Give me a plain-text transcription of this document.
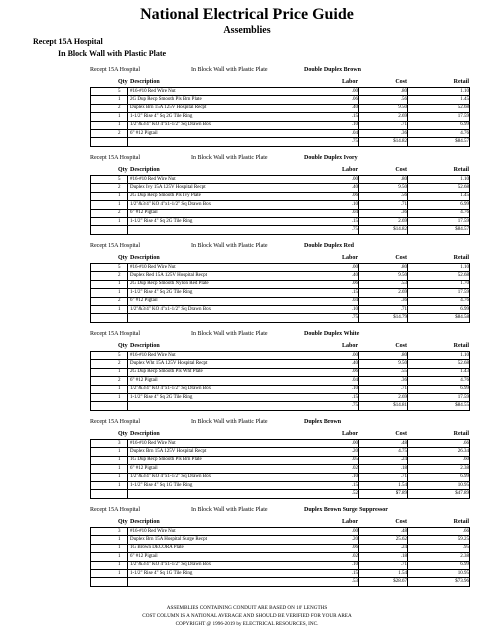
National Electrical Price Guide
Assemblies
Recept 15A Hospital
In Block Wall with Plastic Plate
Recept 15A Hospital	In Block Wall with Plastic Plate	Double Duplex Brown
Qty Description	Labor	Cost	Retail
5 #16-#10 Red Wire Nut	.00	.80	1.10
1 2G Dup Recp Smooth Pls Brn Plate	.06	.56	1.45
2 Duplex Brn 15A 125V Hospital Recpt	.40	9.50	52.68
1 1-1/2" Rise 4" Sq 2G Tile Ring	.15	2.69	17.59
1 1/2"&3/4" KO 4"x1-1/2" Sq Drawn Box	.10	.71	6.99
2 6" #12 Pigtail	.04	.36	4.76
.75	$14.82	$84.57
Recept 15A Hospital	In Block Wall with Plastic Plate	Double Duplex Ivory
Qty Description	Labor	Cost	Retail
5 #16-#10 Red Wire Nut	.00	.80	1.10
2 Duplex Ivy 15A 125V Hospital Recpt	.40	9.50	52.68
1 2G Dup Recp Smooth Pls Ivy Plate	.06	.56	1.45
1 1/2"&3/4" KO 4"x1-1/2" Sq Drawn Box	.10	.71	6.99
2 6" #12 Pigtail	.04	.36	4.76
1 1-1/2" Rise 4" Sq 2G Tile Ring	.15	2.69	17.59
.75	$14.82	$84.57
Recept 15A Hospital	In Block Wall with Plastic Plate	Double Duplex Red
Qty Description	Labor	Cost	Retail
5 #16-#10 Red Wire Nut	.00	.80	1.10
2 Duplex Red 15A 125V Hospital Recpt	.40	9.50	52.68
1 2G Dup Recp Smooth Nylon Red Plate	.06	.53	1.70
1 1-1/2" Rise 4" Sq 2G Tile Ring	.15	2.69	17.59
2 6" #12 Pigtail	.04	.36	4.76
1 1/2"&3/4" KO 4"x1-1/2" Sq Drawn Box	.10	.71	6.99
.75	$14.79	$84.58
Recept 15A Hospital	In Block Wall with Plastic Plate	Double Duplex White
Qty Description	Labor	Cost	Retail
5 #16-#10 Red Wire Nut	.00	.80	1.10
2 Duplex Wht 15A 125V Hospital Recpt	.40	9.50	52.68
1 2G Dup Recp Smooth Pls Wht Plate	.06	.55	1.43
2 6" #12 Pigtail	.04	.36	4.76
1 1/2"&3/4" KO 4"x1-1/2" Sq Drawn Box	.10	.71	6.99
1 1-1/2" Rise 4" Sq 2G Tile Ring	.15	2.69	17.59
.75	$14.81	$84.55
Recept 15A Hospital	In Block Wall with Plastic Plate	Duplex Brown
Qty Description	Labor	Cost	Retail
3 #16-#10 Red Wire Nut	.00	.48	.66
1 Duplex Brn 15A 125V Hospital Recpt	.20	4.75	26.34
1 1G Dup Recp Smooth Pls Brn Plate	.05	.24	.60
1 6" #12 Pigtail	.02	.18	2.38
1 1/2"&3/4" KO 4"x1-1/2" Sq Drawn Box	.10	.71	6.99
1 1-1/2" Rise 4" Sq 1G Tile Ring	.15	1.54	10.95
.52	$7.89	$47.89
Recept 15A Hospital	In Block Wall with Plastic Plate	Duplex Brown Surge Suppressor
Qty Description	Labor	Cost	Retail
3 #16-#10 Red Wire Nut	.00	.48	.66
1 Duplex Brn 15A Hospital Surge Recpt	.20	25.62	59.25
1 1G Brown DECORA Plate	.06	.24	.95
1 6" #12 Pigtail	.02	.18	2.38
1 1/2"&3/4" KO 4"x1-1/2" Sq Drawn Box	.10	.71	6.99
1 1-1/2" Rise 4" Sq 1G Tile Ring	.15	1.54	10.95
.53	$28.67	$73.96
ASSEMBLIES CONTAINING CONDUIT ARE BASED ON 10' LENGTHS
COST COLUMN IS A NATIONAL AVERAGE AND SHOULD BE VERIFIED FOR YOUR AREA
COPYRIGHT @ 1996-2019 by ELECTRICAL RESOURCES, INC.
